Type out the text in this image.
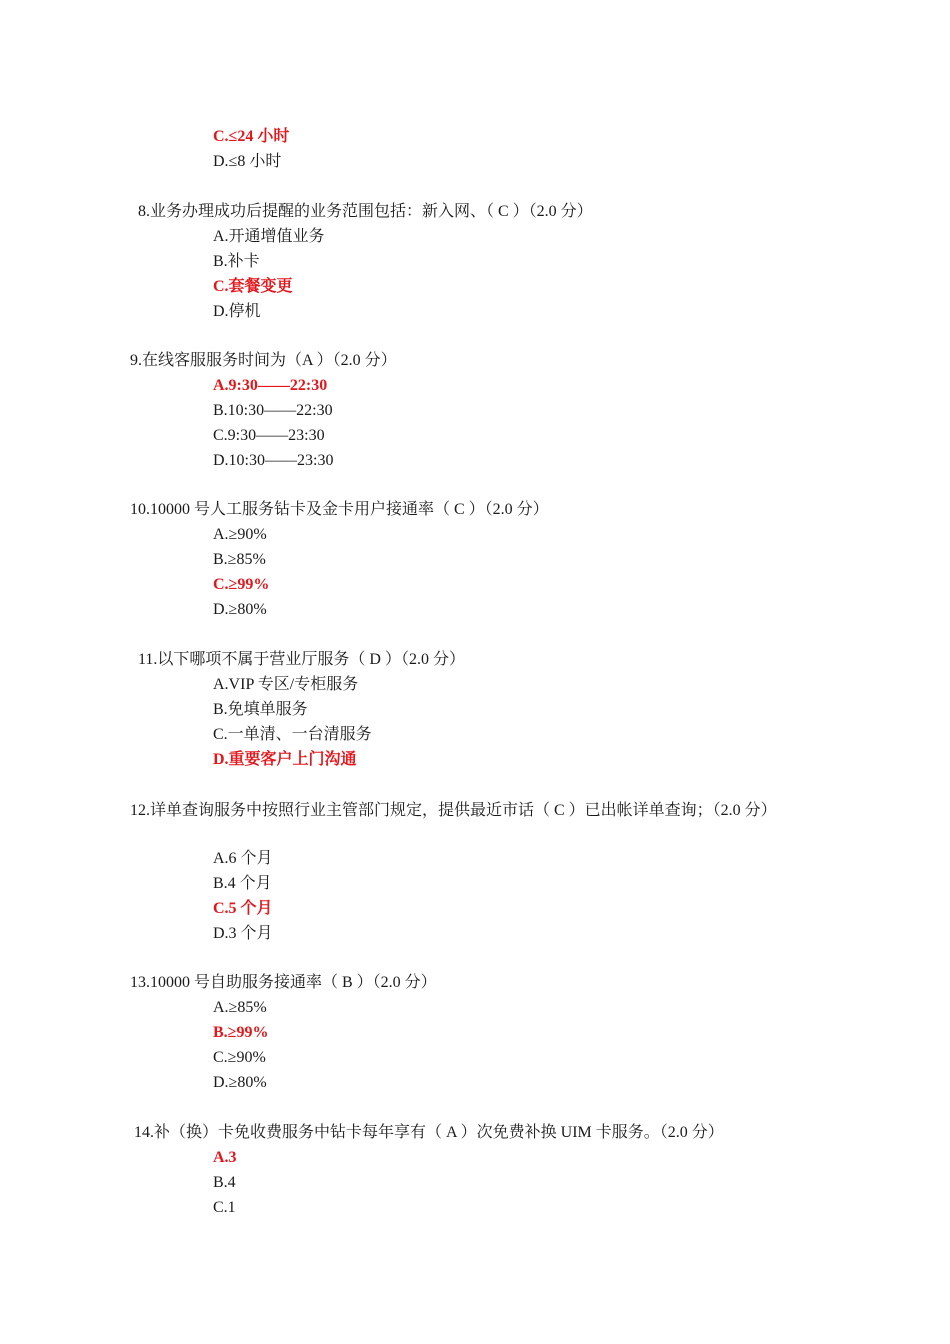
C.≤24 小时
D.≤8 小时
8.业务办理成功后提醒的业务范围包括：新入网、（ C ）（2.0 分）
A.开通增值业务
B.补卡
C.套餐变更
D.停机
9.在线客服服务时间为（A ）（2.0 分）
A.9:30——22:30
B.10:30——22:30
C.9:30——23:30
D.10:30——23:30
10.10000 号人工服务钻卡及金卡用户接通率（ C ）（2.0 分）
A.≥90%
B.≥85%
C.≥99%
D.≥80%
11.以下哪项不属于营业厅服务（ D ）（2.0 分）
A.VIP 专区/专柜服务
B.免填单服务
C.一单清、一台清服务
D.重要客户上门沟通
12.详单查询服务中按照行业主管部门规定，提供最近市话（ C ）已出帐详单查询；（2.0 分）
A.6 个月
B.4 个月
C.5 个月
D.3 个月
13.10000 号自助服务接通率（ B ）（2.0 分）
A.≥85%
B.≥99%
C.≥90%
D.≥80%
14.补（换）卡免收费服务中钻卡每年享有（ A ）次免费补换 UIM 卡服务。（2.0 分）
A.3
B.4
C.1
